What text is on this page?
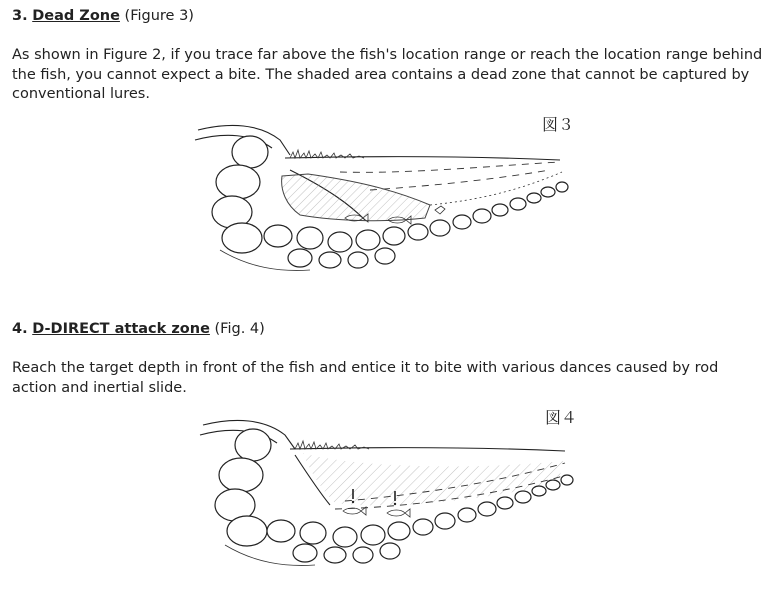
3. Dead Zone (Figure 3)

As shown in Figure 2, if you trace far above the fish's location range or reach the location range behind the fish, you cannot expect a bite. The shaded area contains a dead zone that cannot be captured by conventional lures.

図３

4. D-DIRECT attack zone (Fig. 4)

Reach the target depth in front of the fish and entice it to bite with various dances caused by rod action and inertial slide.

図４
